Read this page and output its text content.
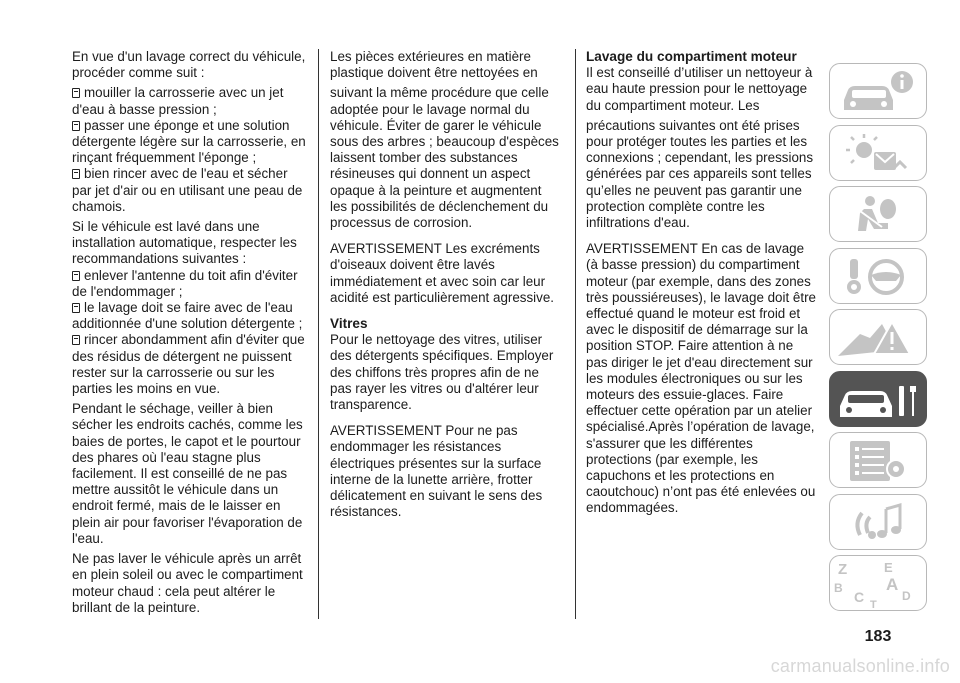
En vue d'un lavage correct du véhicule, procéder comme suit :

mouiller la carrosserie avec un jet d'eau à basse pression ;

passer une éponge et une solution détergente légère sur la carrosserie, en rinçant fréquemment l'éponge ;

bien rincer avec de l'eau et sécher par jet d'air ou en utilisant une peau de chamois.

Si le véhicule est lavé dans une installation automatique, respecter les recommandations suivantes :

enlever l'antenne du toit afin d'éviter de l'endommager ;

le lavage doit se faire avec de l'eau additionnée d'une solution détergente ;

rincer abondamment afin d'éviter que des résidus de détergent ne puissent rester sur la carrosserie ou sur les parties les moins en vue.

Pendant le séchage, veiller à bien sécher les endroits cachés, comme les baies de portes, le capot et le pourtour des phares où l'eau stagne plus facilement. Il est conseillé de ne pas mettre aussitôt le véhicule dans un endroit fermé, mais de le laisser en plein air pour favoriser l'évaporation de l'eau.

Ne pas laver le véhicule après un arrêt en plein soleil ou avec le compartiment moteur chaud : cela peut altérer le brillant de la peinture.

Les pièces extérieures en matière plastique doivent être nettoyées en

suivant la même procédure que celle adoptée pour le lavage normal du véhicule. Éviter de garer le véhicule sous des arbres ; beaucoup d'espèces laissent tomber des substances résineuses qui donnent un aspect opaque à la peinture et augmentent les possibilités de déclenchement du processus de corrosion.

AVERTISSEMENT Les excréments d'oiseaux doivent être lavés immédiatement et avec soin car leur acidité est particulièrement agressive.

Vitres

Pour le nettoyage des vitres, utiliser des détergents spécifiques. Employer des chiffons très propres afin de ne pas rayer les vitres ou d'altérer leur transparence.

AVERTISSEMENT Pour ne pas endommager les résistances électriques présentes sur la surface interne de la lunette arrière, frotter délicatement en suivant le sens des résistances.

Lavage du compartiment moteur

Il est conseillé d’utiliser un nettoyeur à eau haute pression pour le nettoyage du compartiment moteur. Les

précautions suivantes ont été prises pour protéger toutes les parties et les connexions ; cependant, les pressions générées par ces appareils sont telles qu’elles ne peuvent pas garantir une protection complète contre les infiltrations d'eau.

AVERTISSEMENT En cas de lavage (à basse pression) du compartiment moteur (par exemple, dans des zones très poussiéreuses), le lavage doit être effectué quand le moteur est froid et avec le dispositif de démarrage sur la position STOP. Faire attention à ne pas diriger le jet d'eau directement sur les modules électroniques ou sur les moteurs des essuie-glaces. Faire effectuer cette opération par un atelier spécialisé.Après l’opération de lavage, s'assurer que les différentes protections (par exemple, les capuchons et les protections en caoutchouc) n’ont pas été enlevées ou endommagées.

Z	E
A
B
C	D
T
183
carmanualsonline.info
